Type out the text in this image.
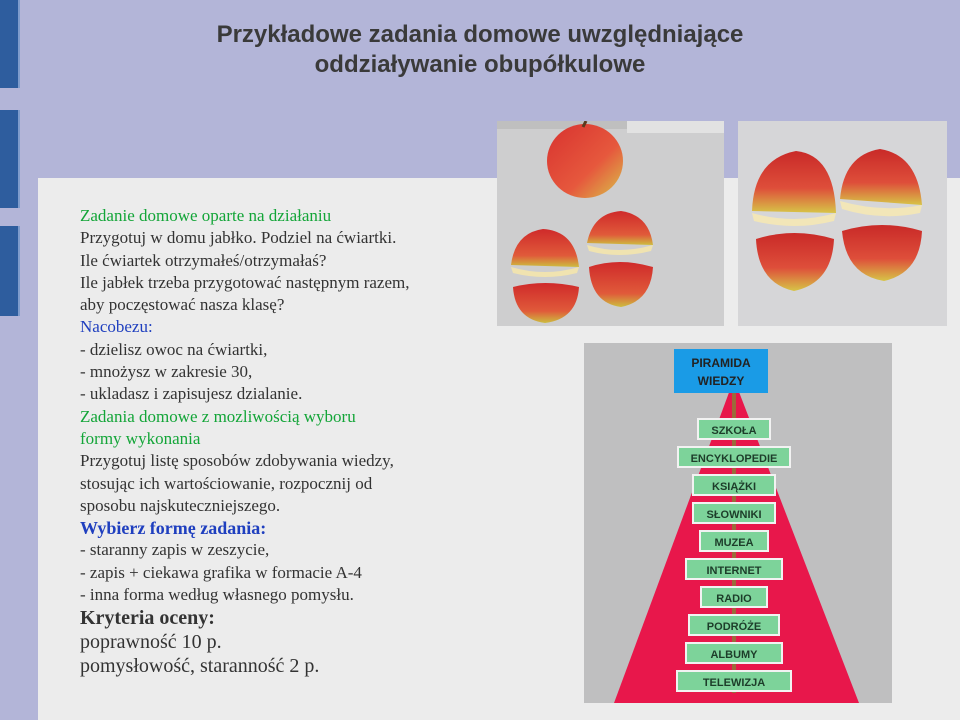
Przykładowe zadania domowe uwzględniające
oddziaływanie obupółkulowe

Zadanie domowe oparte na działaniu

Przygotuj w domu jabłko. Podziel na ćwiartki.

Ile ćwiartek otrzymałeś/otrzymałaś?

Ile jabłek trzeba przygotować następnym razem,

aby poczęstować nasza klasę?

Nacobezu:

- dzielisz owoc na ćwiartki,

- mnożysz w zakresie 30,

- ukladasz i zapisujesz dzialanie.

Zadania domowe z mozliwością wyboru

formy wykonania

Przygotuj listę sposobów zdobywania wiedzy,

stosując ich wartościowanie, rozpocznij od

sposobu najskuteczniejszego.

Wybierz formę zadania:

- staranny zapis w zeszycie,

- zapis + ciekawa grafika w formacie A-4

- inna forma według własnego pomysłu.

Kryteria oceny:

poprawność 10 p.

pomysłowość, staranność 2 p.

PIRAMIDA
WIEDZY
SZKOŁA
ENCYKLOPEDIE
KSIĄŻKI
SŁOWNIKI
MUZEA
INTERNET
RADIO
PODRÓŻE
ALBUMY
TELEWIZJA
